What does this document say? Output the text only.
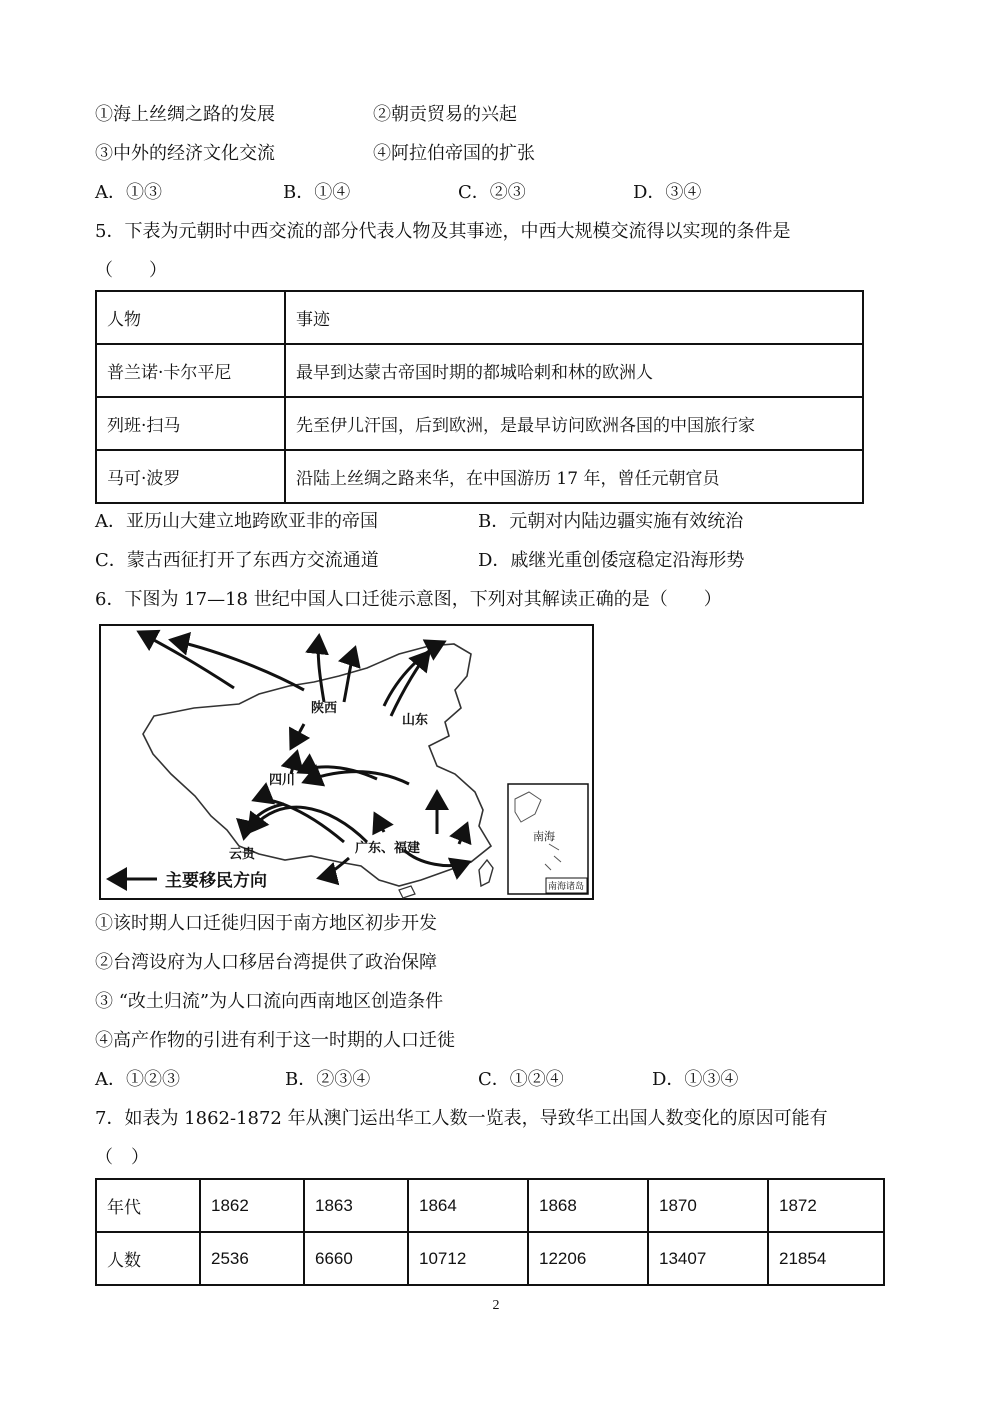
①海上丝绸之路的发展	②朝贡贸易的兴起
③中外的经济文化交流	④阿拉伯帝国的扩张
A．①③	B．①④	C．②③	D．③④
5．下表为元朝时中西交流的部分代表人物及其事迹，中西大规模交流得以实现的条件是
（　　）
人物	事迹
普兰诺·卡尔平尼	最早到达蒙古帝国时期的都城哈剌和林的欧洲人
列班·扫马	先至伊儿汗国，后到欧洲，是最早访问欧洲各国的中国旅行家
马可·波罗	沿陆上丝绸之路来华，在中国游历 17 年，曾任元朝官员
A．亚历山大建立地跨欧亚非的帝国	B．元朝对内陆边疆实施有效统治
C．蒙古西征打开了东西方交流通道	D．戚继光重创倭寇稳定沿海形势
6．下图为 17—18 世纪中国人口迁徙示意图，下列对其解读正确的是（　　）
陕西
山东
四川
云贵	广东、福建
主要移民方向
南海
南海诸岛
①该时期人口迁徙归因于南方地区初步开发
②台湾设府为人口移居台湾提供了政治保障
③ “改土归流”为人口流向西南地区创造条件
④高产作物的引进有利于这一时期的人口迁徙
A．①②③	B．②③④	C．①②④	D．①③④
7．如表为 1862-1872 年从澳门运出华工人数一览表，导致华工出国人数变化的原因可能有
（　）
年代	1862	1863	1864	1868	1870	1872
人数	2536	6660	10712	12206	13407	21854
2
